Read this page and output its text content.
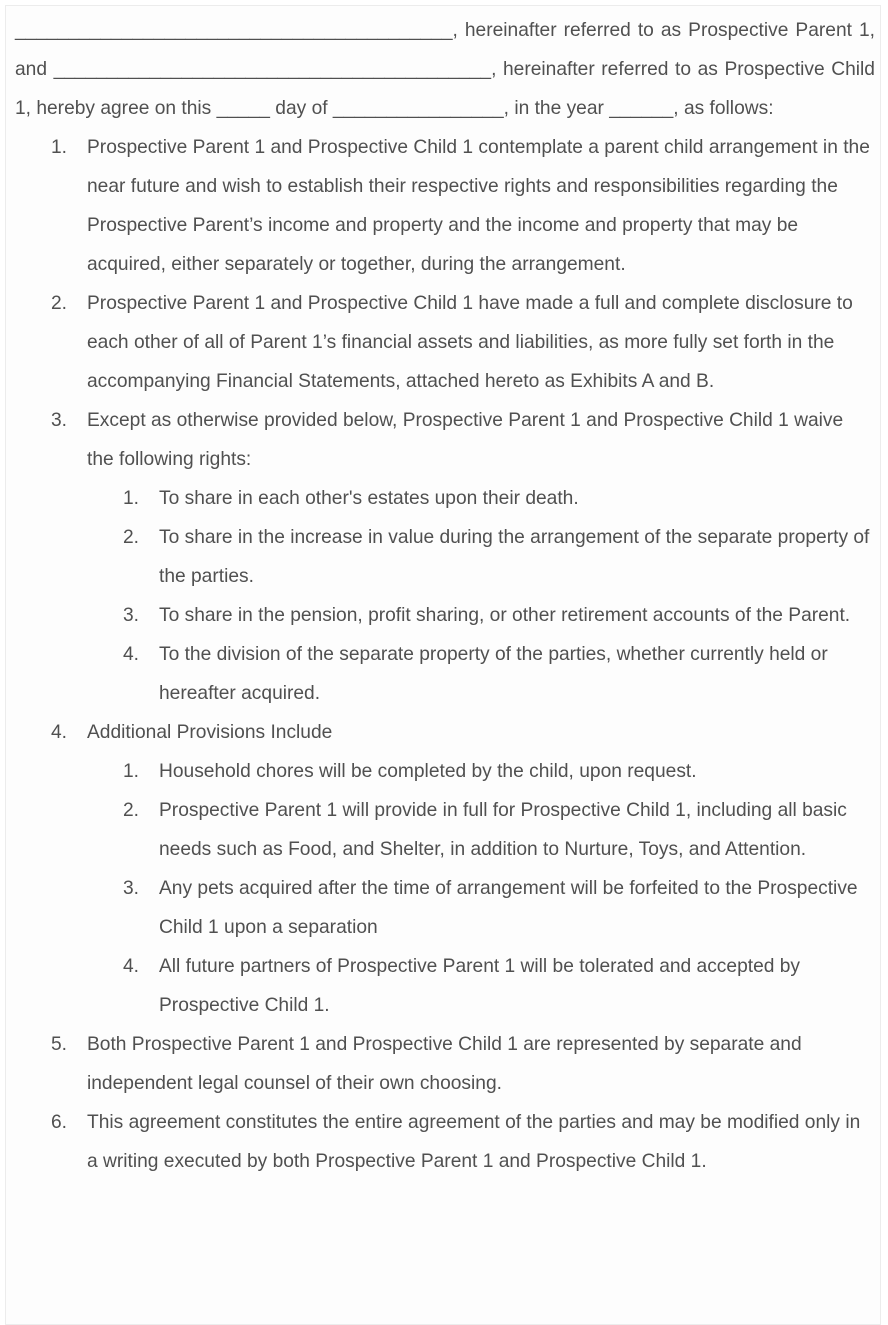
_________________________________________, hereinafter referred to as Prospective Parent 1, and _________________________________________, hereinafter referred to as Prospective Child 1, hereby agree on this _____ day of ________________, in the year ______, as follows:

1. Prospective Parent 1 and Prospective Child 1 contemplate a parent child arrangement in the near future and wish to establish their respective rights and responsibilities regarding the Prospective Parent’s income and property and the income and property that may be acquired, either separately or together, during the arrangement.
2. Prospective Parent 1 and Prospective Child 1 have made a full and complete disclosure to each other of all of Parent 1’s financial assets and liabilities, as more fully set forth in the accompanying Financial Statements, attached hereto as Exhibits A and B.
3. Except as otherwise provided below, Prospective Parent 1 and Prospective Child 1 waive the following rights:
1. To share in each other's estates upon their death.
2. To share in the increase in value during the arrangement of the separate property of the parties.
3. To share in the pension, profit sharing, or other retirement accounts of the Parent.
4. To the division of the separate property of the parties, whether currently held or hereafter acquired.
4. Additional Provisions Include
1. Household chores will be completed by the child, upon request.
2. Prospective Parent 1 will provide in full for Prospective Child 1, including all basic needs such as Food, and Shelter, in addition to Nurture, Toys, and Attention.
3. Any pets acquired after the time of arrangement will be forfeited to the Prospective Child 1 upon a separation
4. All future partners of Prospective Parent 1 will be tolerated and accepted by Prospective Child 1.
5. Both Prospective Parent 1 and Prospective Child 1 are represented by separate and independent legal counsel of their own choosing.
6. This agreement constitutes the entire agreement of the parties and may be modified only in a writing executed by both Prospective Parent 1 and Prospective Child 1.
